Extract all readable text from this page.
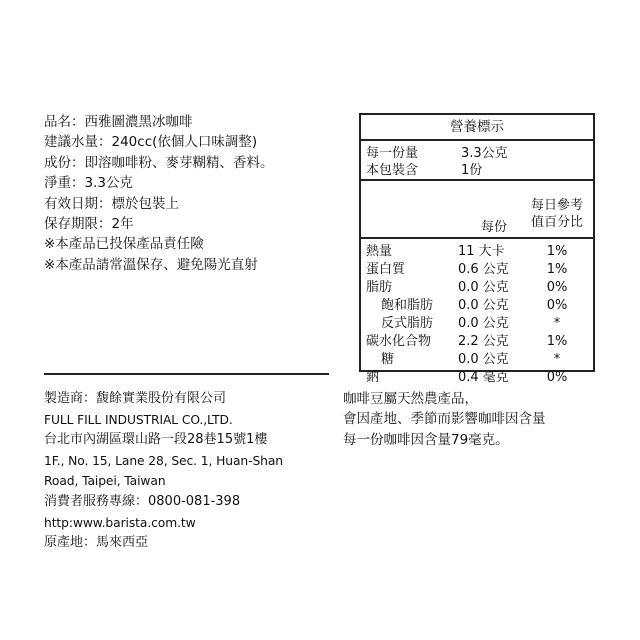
品名：西雅圖濃黑冰咖啡
建議水量：240cc(依個人口味調整)
成份：即溶咖啡粉、麥芽糊精、香料。
淨重：3.3公克
有效日期：標於包裝上
保存期限：2年
※本產品已投保產品責任險
※本產品請常溫保存、避免陽光直射
營養標示
每一份量	3.3公克
本包裝含	1份
每份
每日參考
值百分比
熱量	11 大卡	1%
蛋白質	0.6 公克	1%
脂肪	0.0 公克	0%
飽和脂肪 0.0 公克	0%
反式脂肪 0.0 公克	*
碳水化合物 2.2 公克	1%
糖	0.0 公克	*
鈉	0.4 毫克	0%
製造商：馥餘實業股份有限公司
FULL FILL INDUSTRIAL CO.,LTD.
台北市內湖區環山路一段28巷15號1樓
1F., No. 15, Lane 28, Sec. 1, Huan-Shan
Road, Taipei, Taiwan
消費者服務專線：0800-081-398
http:www.barista.com.tw
原產地：馬來西亞
咖啡豆屬天然農產品，
會因產地、季節而影響咖啡因含量
每一份咖啡因含量79毫克。
